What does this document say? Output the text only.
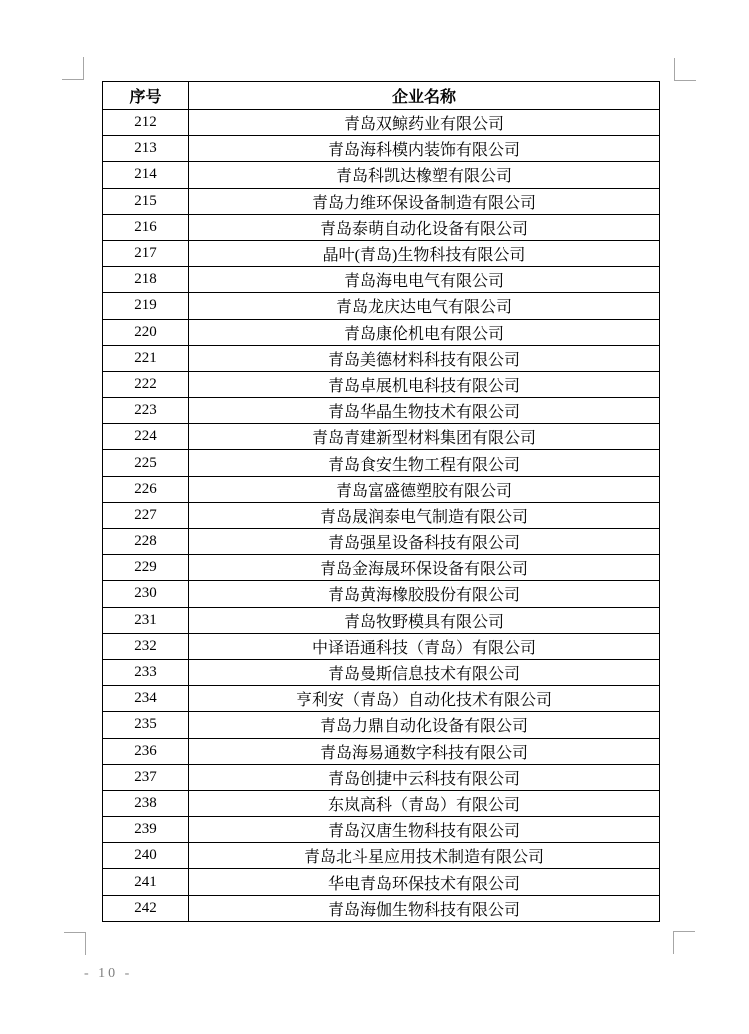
序号	企业名称
212	青岛双鲸药业有限公司
213	青岛海科模内装饰有限公司
214	青岛科凯达橡塑有限公司
215	青岛力维环保设备制造有限公司
216	青岛泰萌自动化设备有限公司
217	晶叶(青岛)生物科技有限公司
218	青岛海电电气有限公司
219	青岛龙庆达电气有限公司
220	青岛康伦机电有限公司
221	青岛美德材料科技有限公司
222	青岛卓展机电科技有限公司
223	青岛华晶生物技术有限公司
224	青岛青建新型材料集团有限公司
225	青岛食安生物工程有限公司
226	青岛富盛德塑胶有限公司
227	青岛晟润泰电气制造有限公司
228	青岛强星设备科技有限公司
229	青岛金海晟环保设备有限公司
230	青岛黄海橡胶股份有限公司
231	青岛牧野模具有限公司
232	中译语通科技（青岛）有限公司
233	青岛曼斯信息技术有限公司
234	亨利安（青岛）自动化技术有限公司
235	青岛力鼎自动化设备有限公司
236	青岛海易通数字科技有限公司
237	青岛创捷中云科技有限公司
238	东岚高科（青岛）有限公司
239	青岛汉唐生物科技有限公司
240	青岛北斗星应用技术制造有限公司
241	华电青岛环保技术有限公司
242	青岛海伽生物科技有限公司
- 10 -
